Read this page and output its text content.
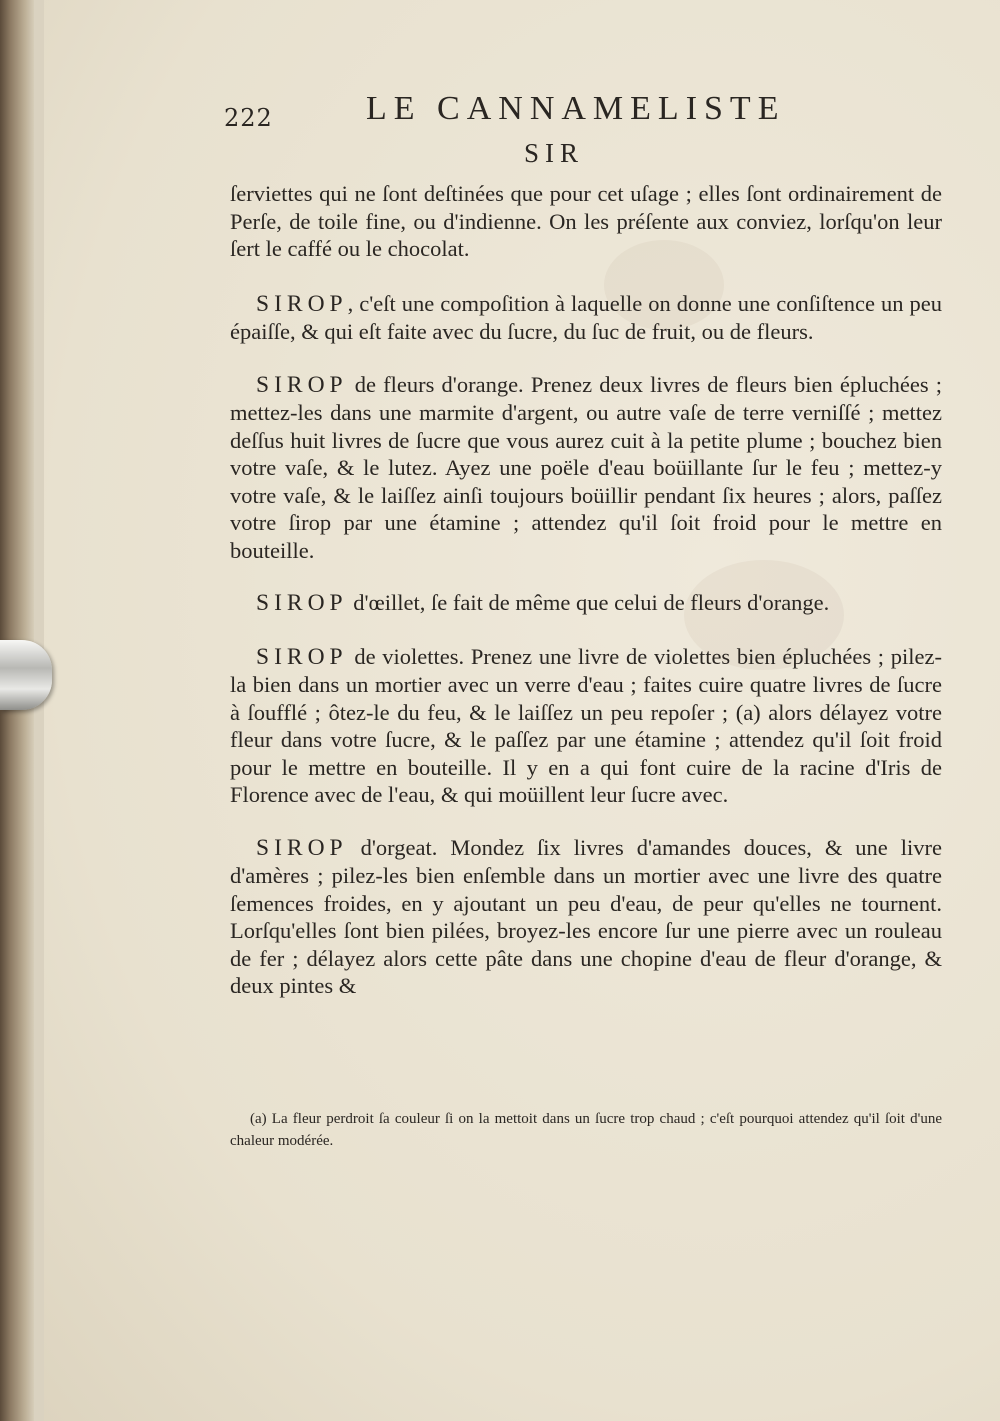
222	LE CANNAMELISTE
SIR

ſerviettes qui ne ſont deſtinées que pour cet uſage ; elles ſont ordinairement de Perſe, de toile fine, ou d'indienne. On les préſente aux conviez, lorſqu'on leur ſert le caffé ou le chocolat.

SIROP, c'eſt une compoſition à laquelle on donne une conſiſtence un peu épaiſſe, & qui eſt faite avec du ſucre, du ſuc de fruit, ou de fleurs.

SIROP de fleurs d'orange. Prenez deux livres de fleurs bien épluchées ; mettez-les dans une marmite d'argent, ou autre vaſe de terre verniſſé ; mettez deſſus huit livres de ſucre que vous aurez cuit à la petite plume ; bouchez bien votre vaſe, & le lutez. Ayez une poële d'eau boüillante ſur le feu ; mettez-y votre vaſe, & le laiſſez ainſi toujours boüillir pendant ſix heures ; alors, paſſez votre ſirop par une étamine ; attendez qu'il ſoit froid pour le mettre en bouteille.

SIROP d'œillet, ſe fait de même que celui de fleurs d'orange.

SIROP de violettes. Prenez une livre de violettes bien épluchées ; pilez-la bien dans un mortier avec un verre d'eau ; faites cuire quatre livres de ſucre à ſoufflé ; ôtez-le du feu, & le laiſſez un peu repoſer ; (a) alors délayez votre fleur dans votre ſucre, & le paſſez par une étamine ; attendez qu'il ſoit froid pour le mettre en bouteille. Il y en a qui font cuire de la racine d'Iris de Florence avec de l'eau, & qui moüillent leur ſucre avec.

SIROP d'orgeat. Mondez ſix livres d'amandes douces, & une livre d'amères ; pilez-les bien enſemble dans un mortier avec une livre des quatre ſemences froides, en y ajoutant un peu d'eau, de peur qu'elles ne tournent. Lorſqu'elles ſont bien pilées, broyez-les encore ſur une pierre avec un rouleau de fer ; délayez alors cette pâte dans une chopine d'eau de fleur d'orange, & deux pintes &

(a) La fleur perdroit ſa couleur ſi on la mettoit dans un ſucre trop chaud ; c'eſt pourquoi attendez qu'il ſoit d'une chaleur modérée.
